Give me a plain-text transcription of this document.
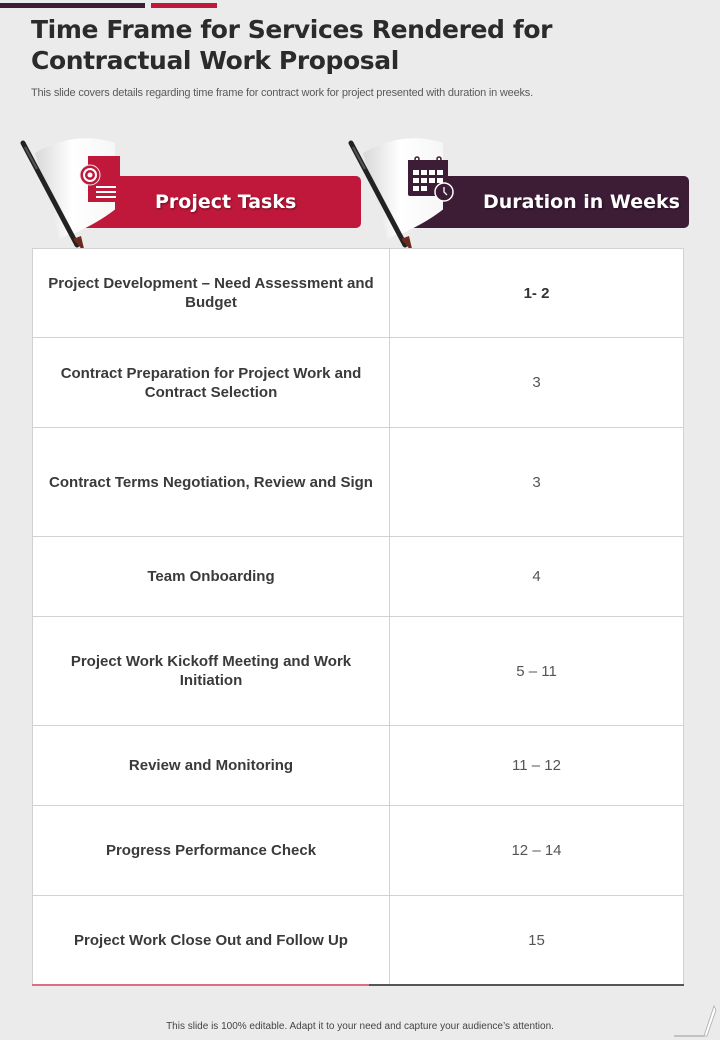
Time Frame for Services Rendered for Contractual Work Proposal
This slide covers details regarding time frame for contract work for project presented with duration in weeks.
Project Tasks	Duration in Weeks
Project Development – Need Assessment and Budget	1- 2
Contract Preparation for Project Work and Contract Selection	3
Contract Terms Negotiation, Review and Sign	3
Team Onboarding	4
Project Work Kickoff Meeting and Work Initiation	5 – 11
Review and Monitoring	11 – 12
Progress Performance Check	12 – 14
Project Work Close Out and Follow Up	15
This slide is 100% editable. Adapt it to your need and capture your audience’s attention.
